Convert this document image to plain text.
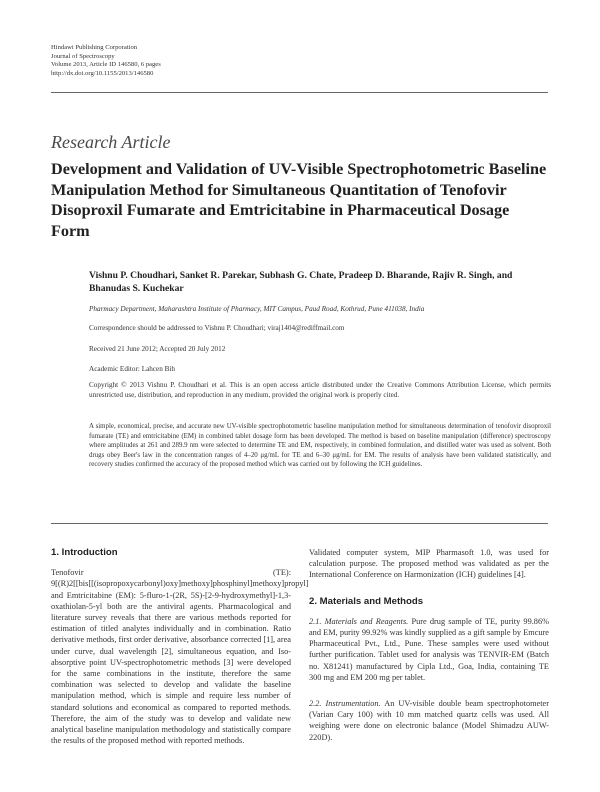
Hindawi Publishing Corporation
Journal of Spectroscopy
Volume 2013, Article ID 146580, 6 pages
http://dx.doi.org/10.1155/2013/146580
Research Article
Development and Validation of UV-Visible Spectrophotometric Baseline Manipulation Method for Simultaneous Quantitation of Tenofovir Disoproxil Fumarate and Emtricitabine in Pharmaceutical Dosage Form
Vishnu P. Choudhari, Sanket R. Parekar, Subhash G. Chate, Pradeep D. Bharande, Rajiv R. Singh, and Bhanudas S. Kuchekar
Pharmacy Department, Maharashtra Institute of Pharmacy, MIT Campus, Paud Road, Kothrud, Pune 411038, India
Correspondence should be addressed to Vishnu P. Choudhari; viraj1404@rediffmail.com
Received 21 June 2012; Accepted 20 July 2012
Academic Editor: Lahcen Bih
Copyright © 2013 Vishnu P. Choudhari et al. This is an open access article distributed under the Creative Commons Attribution License, which permits unrestricted use, distribution, and reproduction in any medium, provided the original work is properly cited.
A simple, economical, precise, and accurate new UV-visible spectrophotometric baseline manipulation method for simultaneous determination of tenofovir disoproxil fumarate (TE) and emtricitabine (EM) in combined tablet dosage form has been developed. The method is based on baseline manipulation (difference) spectroscopy where amplitudes at 261 and 289.9 nm were selected to determine TE and EM, respectively, in combined formulation, and distilled water was used as solvent. Both drugs obey Beer's law in the concentration ranges of 4–20 μg/mL for TE and 6–30 μg/mL for EM. The results of analysis have been validated statistically, and recovery studies confirmed the accuracy of the proposed method which was carried out by following the ICH guidelines.
1. Introduction

Tenofovir (TE): 9[(R)2[[bis[[(isopropoxycarbonyl)oxy]methoxy]phosphinyl]methoxy]propyl] and Emtricitabine (EM): 5-fluro-1-(2R, 5S)-[2-9-hydroxymethyl]-1,3-oxathiolan-5-yl both are the antiviral agents. Pharmacological and literature survey reveals that there are various methods reported for estimation of titled analytes individually and in combination. Ratio derivative methods, first order derivative, absorbance corrected [1], area under curve, dual wavelength [2], simultaneous equation, and Iso-absorptive point UV-spectrophotometric methods [3] were developed for the same combinations in the institute, therefore the same combination was selected to develop and validate the baseline manipulation method, which is simple and require less number of standard solutions and economical as compared to reported methods. Therefore, the aim of the study was to develop and validate new analytical baseline manipulation methodology and statistically compare the results of the proposed method with reported methods.

Validated computer system, MIP Pharmasoft 1.0, was used for calculation purpose. The proposed method was validated as per the International Conference on Harmonization (ICH) guidelines [4].

2. Materials and Methods

2.1. Materials and Reagents. Pure drug sample of TE, purity 99.86% and EM, purity 99.92% was kindly supplied as a gift sample by Emcure Pharmaceutical Pvt., Ltd., Pune. These samples were used without further purification. Tablet used for analysis was TENVIR-EM (Batch no. X81241) manufactured by Cipla Ltd., Goa, India, containing TE 300 mg and EM 200 mg per tablet.

2.2. Instrumentation. An UV-visible double beam spectrophotometer (Varian Cary 100) with 10 mm matched quartz cells was used. All weighing were done on electronic balance (Model Shimadzu AUW-220D).
